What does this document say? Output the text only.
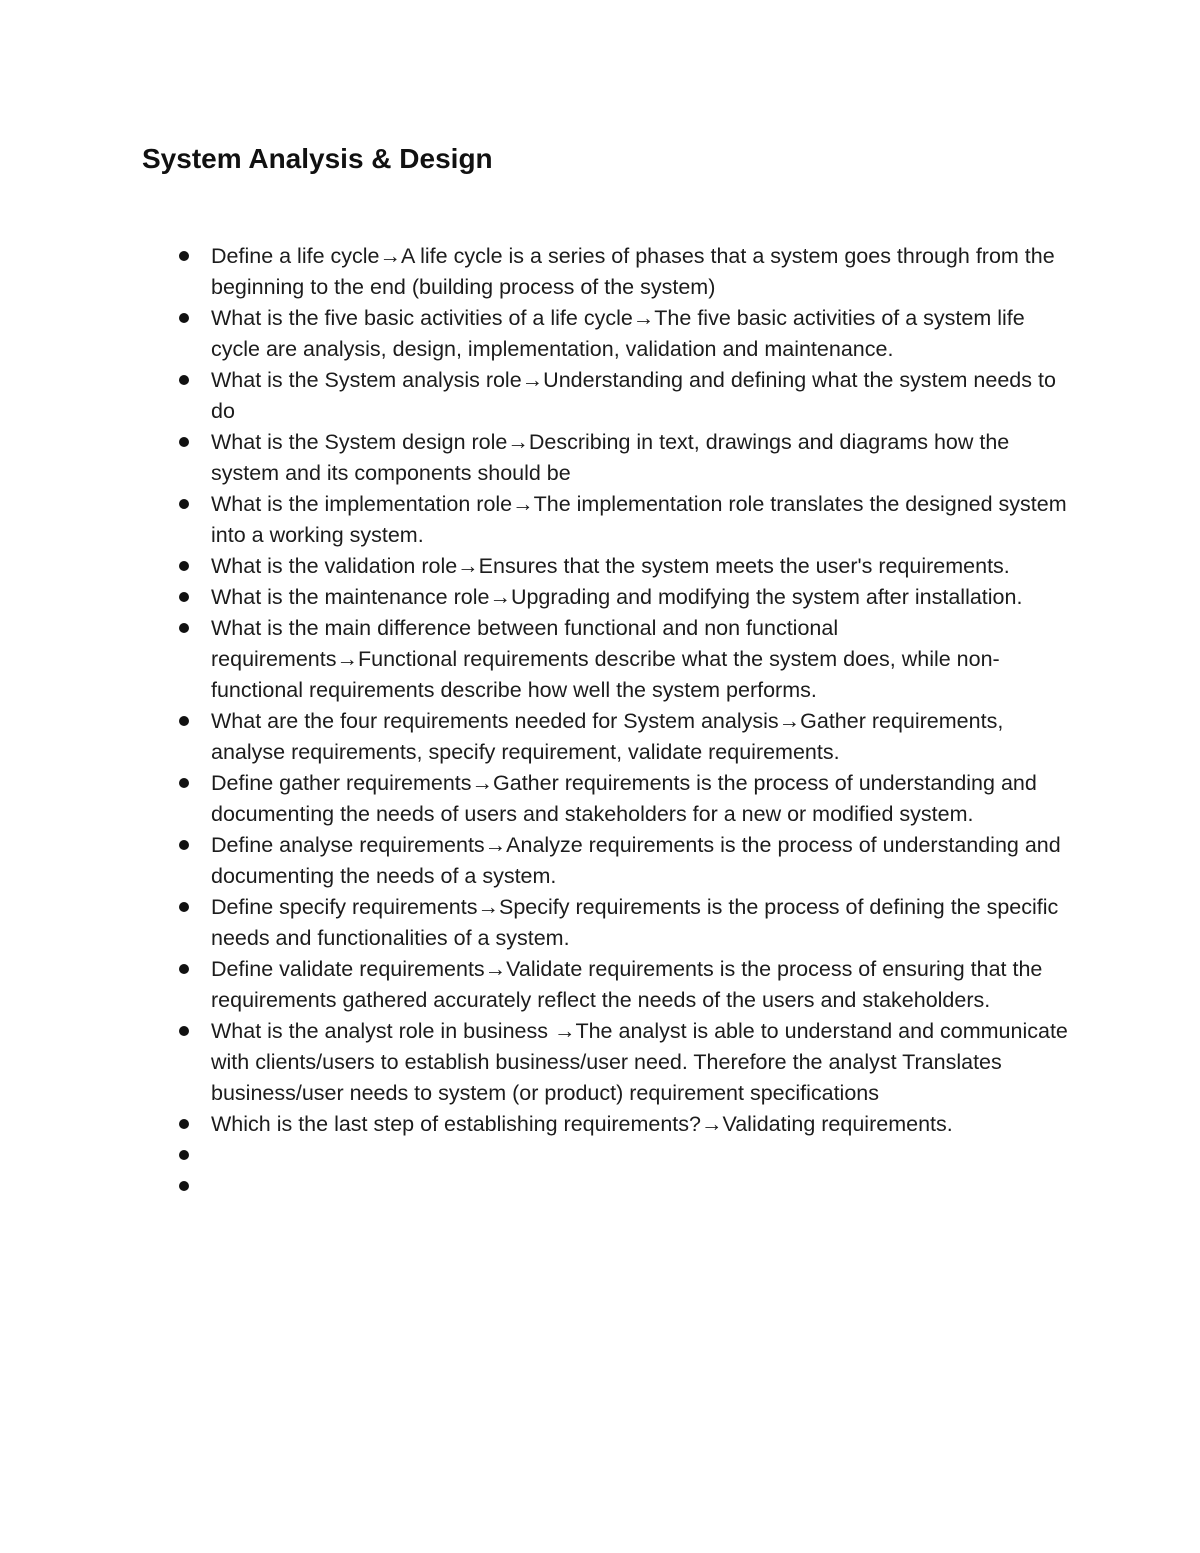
System Analysis & Design
Define a life cycle→A life cycle is a series of phases that a system goes through from the beginning to the end (building process of the system)
What is the five basic activities of a life cycle→The five basic activities of a system life cycle are analysis, design, implementation, validation and maintenance.
What is the System analysis role→Understanding and defining what the system needs to do
What is the System design role→Describing in text, drawings and diagrams how the system and its components should be
What is the implementation role→The implementation role translates the designed system into a working system.
What is the validation role→Ensures that the system meets the user's requirements.
What is the maintenance role→Upgrading and modifying the system after installation.
What is the main difference between functional and non functional requirements→Functional requirements describe what the system does, while non-functional requirements describe how well the system performs.
What are the four requirements needed for System analysis→Gather requirements, analyse requirements, specify requirement, validate requirements.
Define gather requirements→Gather requirements is the process of understanding and documenting the needs of users and stakeholders for a new or modified system.
Define analyse requirements→Analyze requirements is the process of understanding and documenting the needs of a system.
Define specify requirements→Specify requirements is the process of defining the specific needs and functionalities of a system.
Define validate requirements→Validate requirements is the process of ensuring that the requirements gathered accurately reflect the needs of the users and stakeholders.
What is the analyst role in business →The analyst is able to understand and communicate with clients/users to establish business/user need. Therefore the analyst Translates business/user needs to system (or product) requirement specifications
Which is the last step of establishing requirements?→Validating requirements.
